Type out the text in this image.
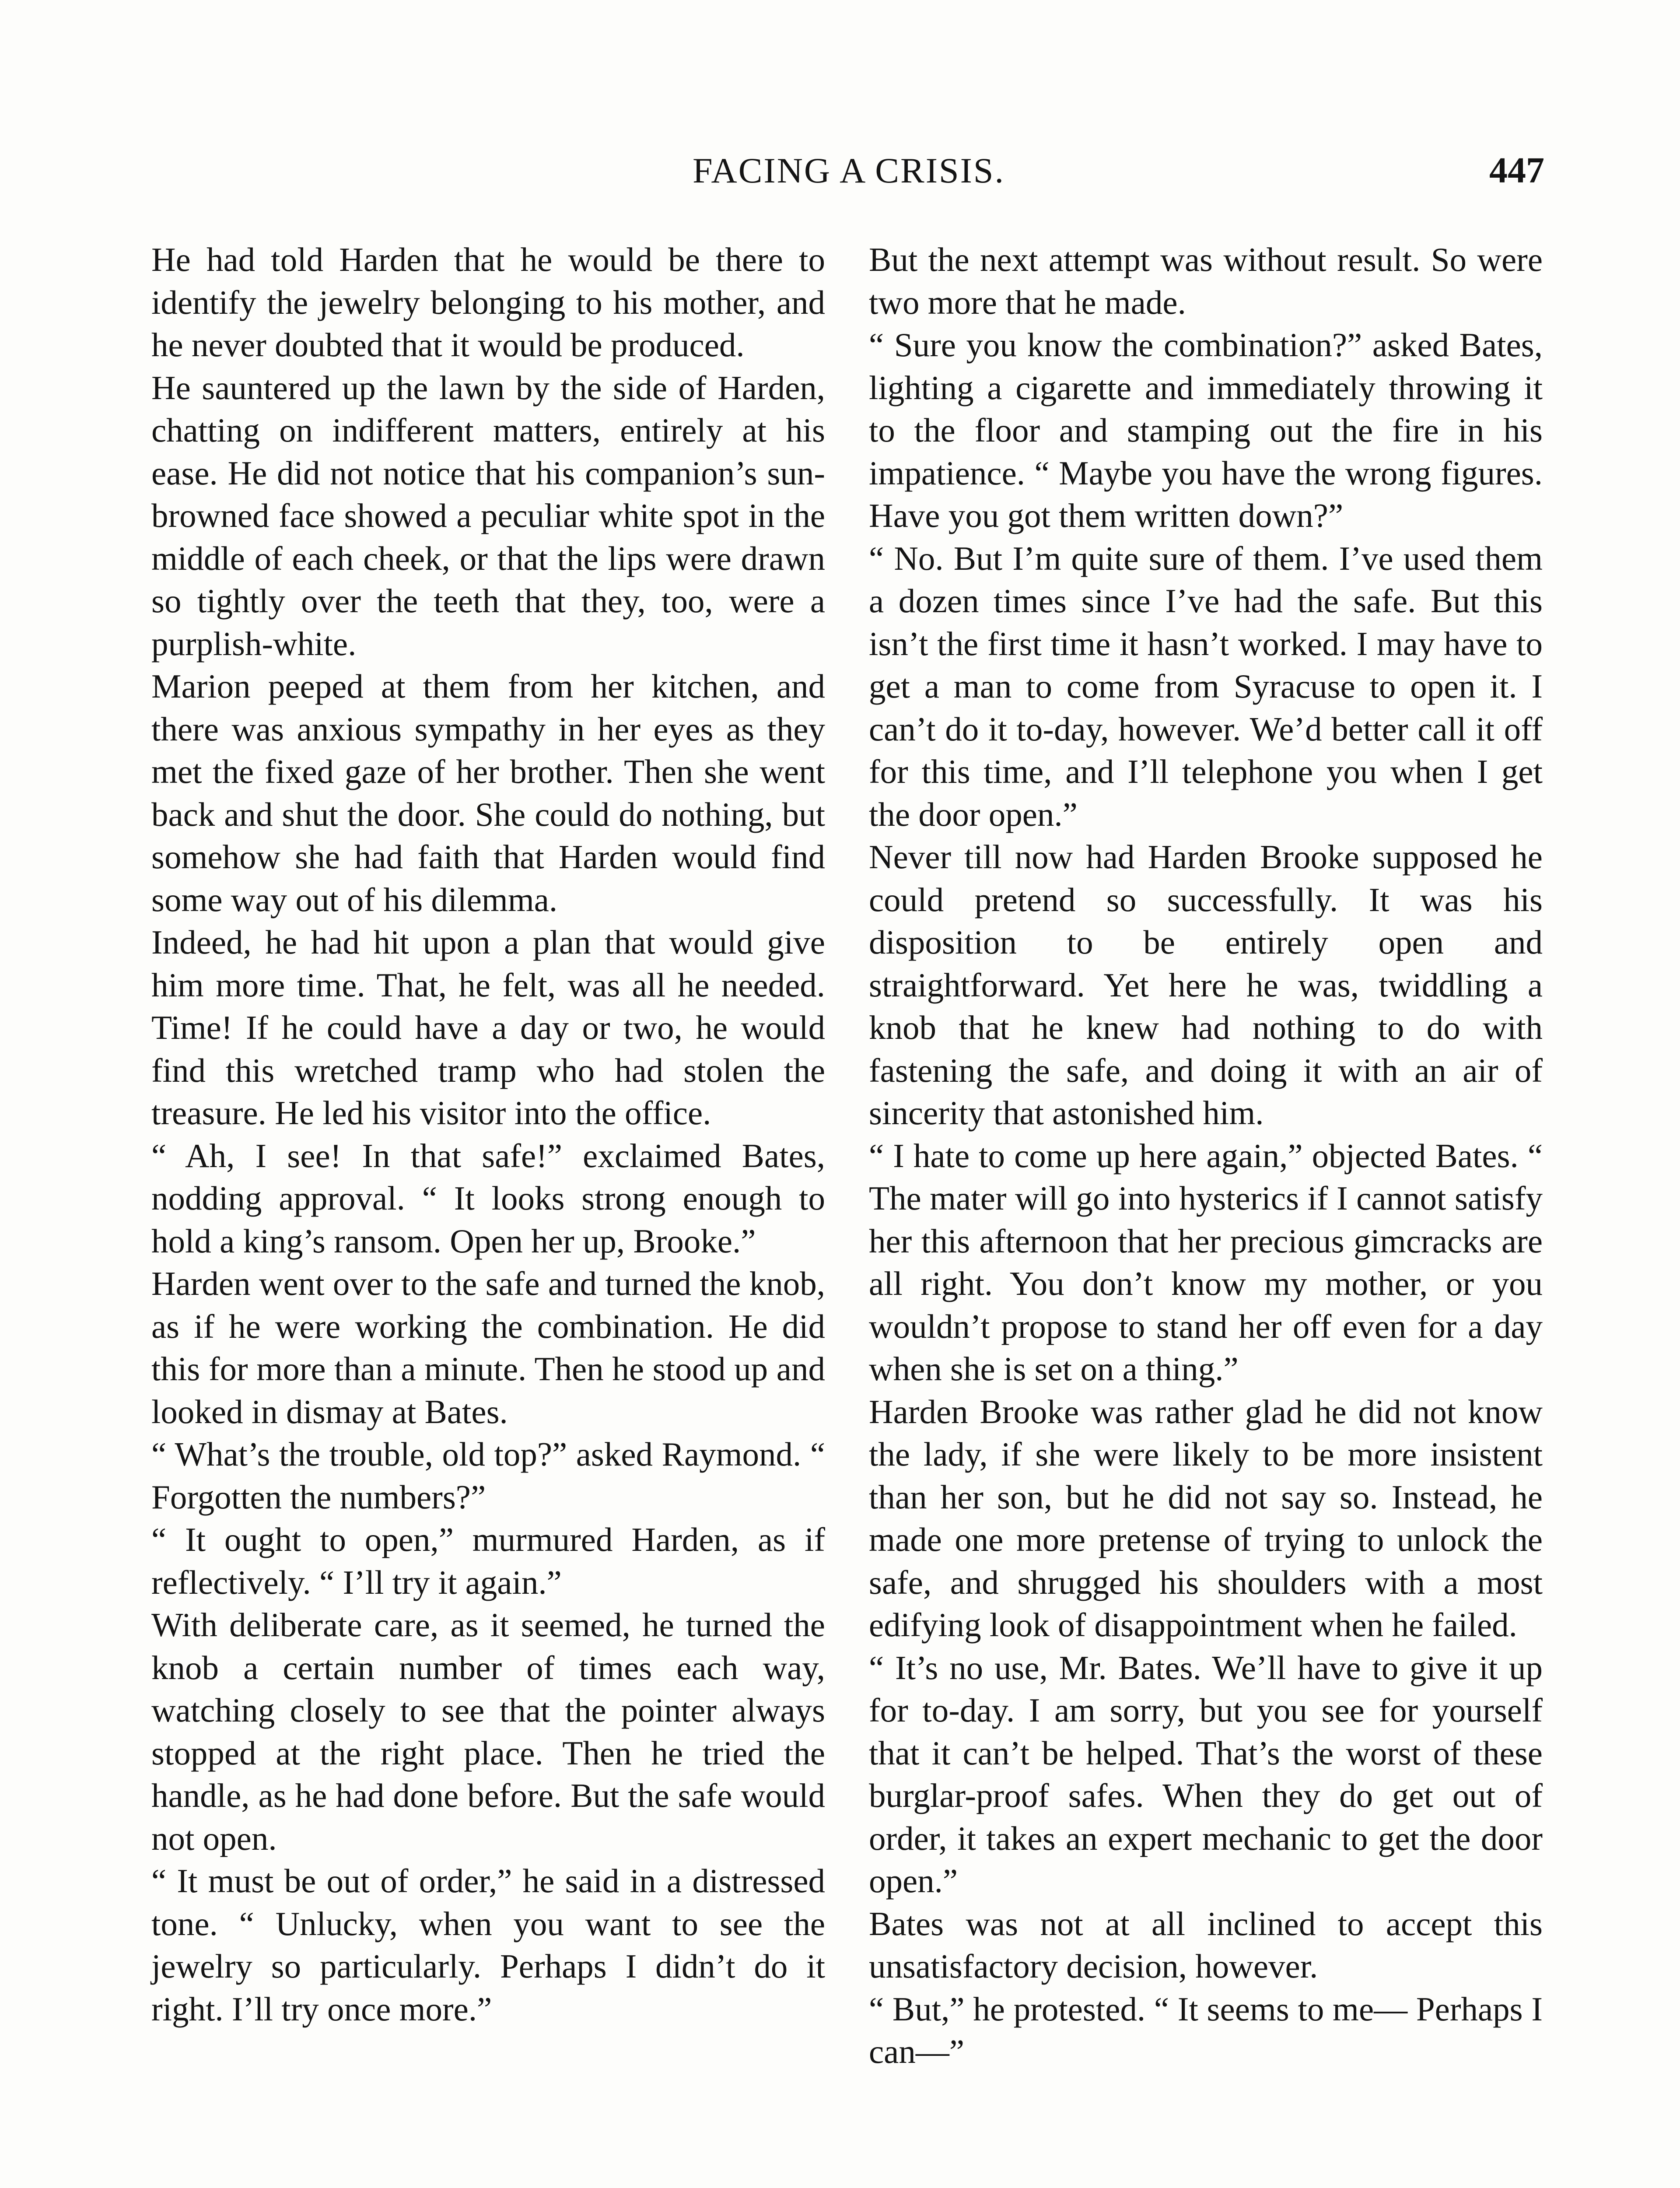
FACING A CRISIS.	447

He had told Harden that he would be there to identify the jewelry belonging to his mother, and he never doubted that it would be produced.

He sauntered up the lawn by the side of Harden, chatting on indifferent matters, entirely at his ease. He did not notice that his companion’s sun-browned face showed a peculiar white spot in the middle of each cheek, or that the lips were drawn so tightly over the teeth that they, too, were a purplish-white.

Marion peeped at them from her kitchen, and there was anxious sympathy in her eyes as they met the fixed gaze of her brother. Then she went back and shut the door. She could do nothing, but somehow she had faith that Harden would find some way out of his dilemma.

Indeed, he had hit upon a plan that would give him more time. That, he felt, was all he needed. Time! If he could have a day or two, he would find this wretched tramp who had stolen the treasure. He led his visitor into the office.

“ Ah, I see! In that safe!” exclaimed Bates, nodding approval. “ It looks strong enough to hold a king’s ransom. Open her up, Brooke.”

Harden went over to the safe and turned the knob, as if he were working the combination. He did this for more than a minute. Then he stood up and looked in dismay at Bates.

“ What’s the trouble, old top?” asked Raymond. “ Forgotten the numbers?”

“ It ought to open,” murmured Harden, as if reflectively. “ I’ll try it again.”

With deliberate care, as it seemed, he turned the knob a certain number of times each way, watching closely to see that the pointer always stopped at the right place. Then he tried the handle, as he had done before. But the safe would not open.

“ It must be out of order,” he said in a distressed tone. “ Unlucky, when you want to see the jewelry so particularly. Perhaps I didn’t do it right. I’ll try once more.”

But the next attempt was without result. So were two more that he made.

“ Sure you know the combination?” asked Bates, lighting a cigarette and immediately throwing it to the floor and stamping out the fire in his impatience. “ Maybe you have the wrong figures. Have you got them written down?”

“ No. But I’m quite sure of them. I’ve used them a dozen times since I’ve had the safe. But this isn’t the first time it hasn’t worked. I may have to get a man to come from Syracuse to open it. I can’t do it to-day, however. We’d better call it off for this time, and I’ll telephone you when I get the door open.”

Never till now had Harden Brooke supposed he could pretend so successfully. It was his disposition to be entirely open and straightforward. Yet here he was, twiddling a knob that he knew had nothing to do with fastening the safe, and doing it with an air of sincerity that astonished him.

“ I hate to come up here again,” objected Bates. “ The mater will go into hysterics if I cannot satisfy her this afternoon that her precious gimcracks are all right. You don’t know my mother, or you wouldn’t propose to stand her off even for a day when she is set on a thing.”

Harden Brooke was rather glad he did not know the lady, if she were likely to be more insistent than her son, but he did not say so. Instead, he made one more pretense of trying to unlock the safe, and shrugged his shoulders with a most edifying look of disappointment when he failed.

“ It’s no use, Mr. Bates. We’ll have to give it up for to-day. I am sorry, but you see for yourself that it can’t be helped. That’s the worst of these burglar-proof safes. When they do get out of order, it takes an expert mechanic to get the door open.”

Bates was not at all inclined to accept this unsatisfactory decision, however.

“ But,” he protested. “ It seems to me— Perhaps I can—”
